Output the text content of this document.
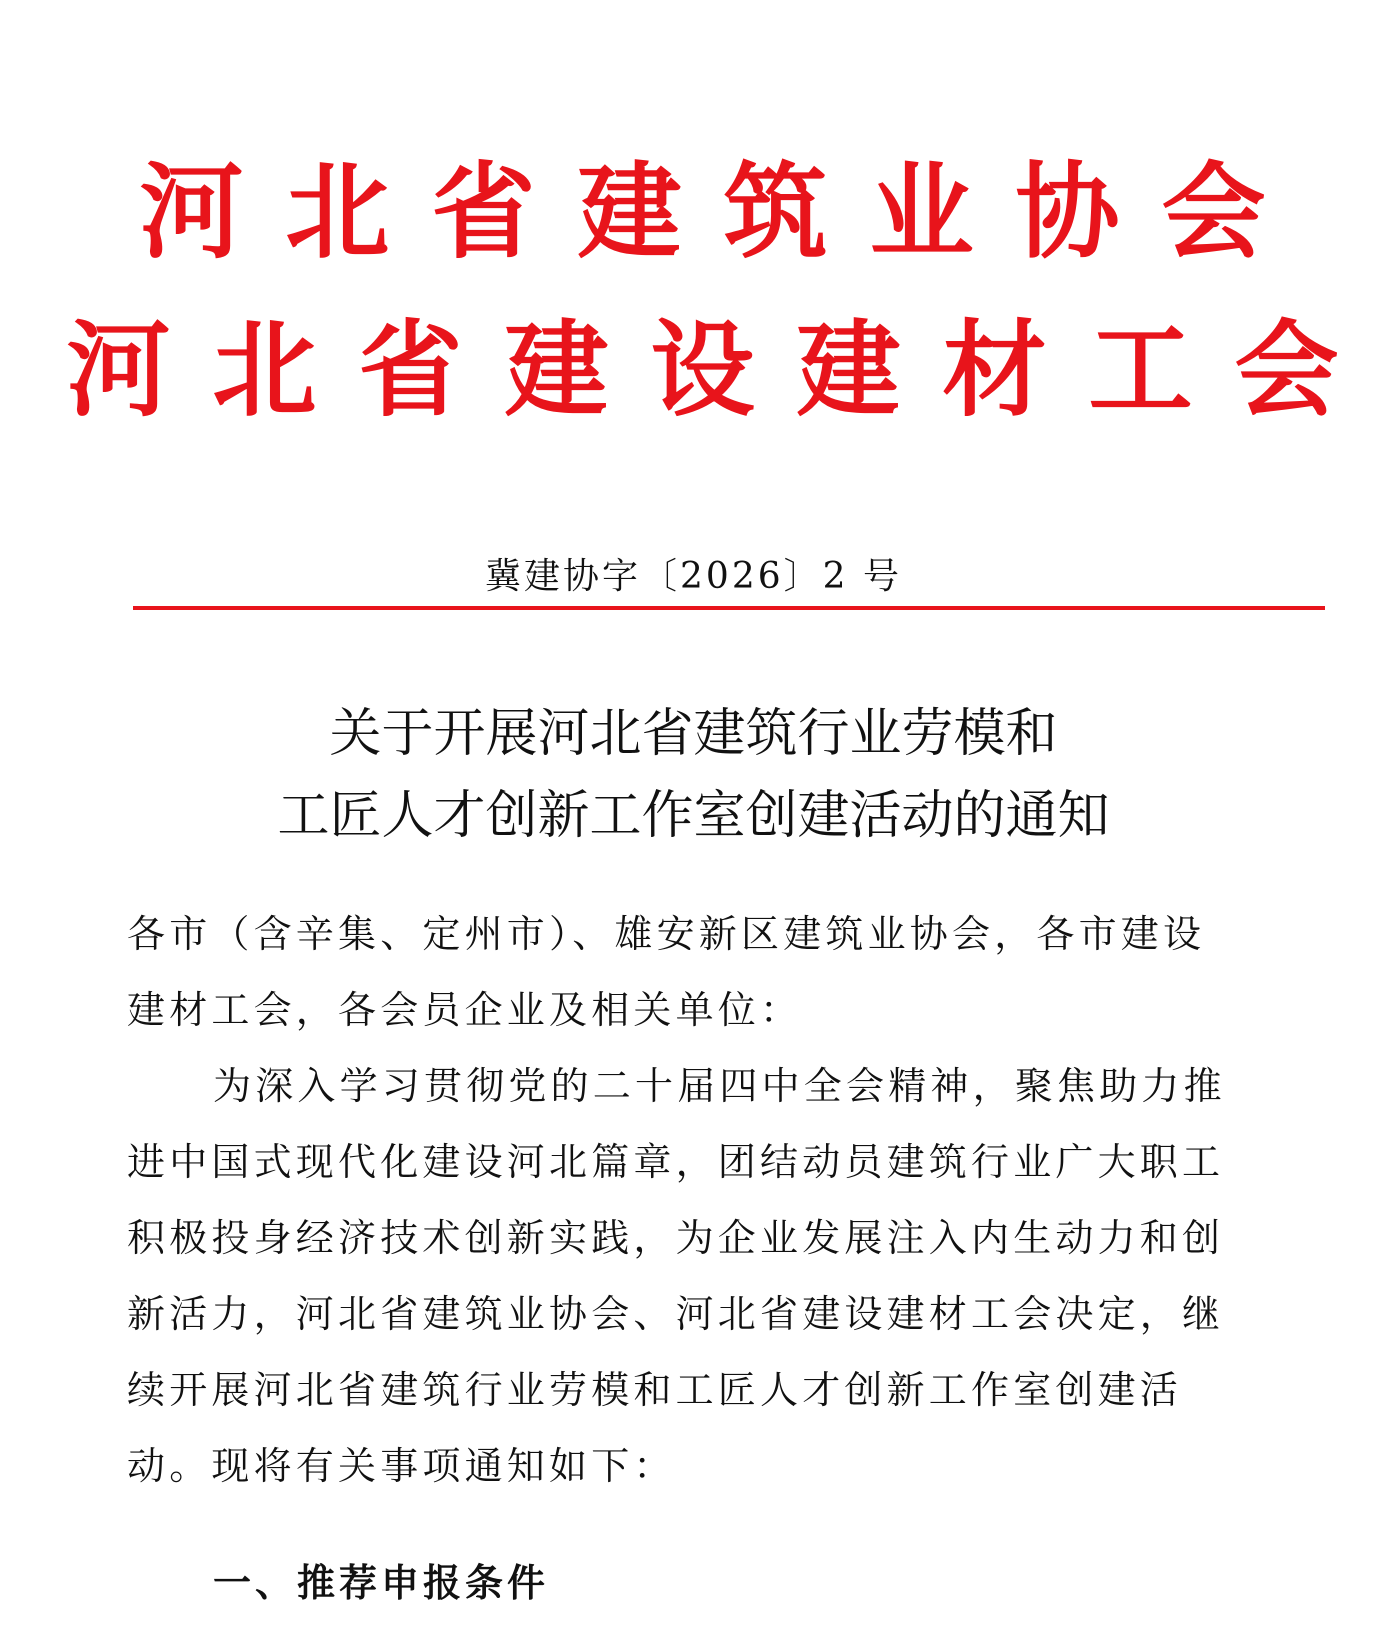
河北省建筑业协会
河北省建设建材工会
冀建协字〔2026〕2 号
关于开展河北省建筑行业劳模和
工匠人才创新工作室创建活动的通知
各市（含辛集、定州市）、雄安新区建筑业协会，各市建设
建材工会，各会员企业及相关单位：
为深入学习贯彻党的二十届四中全会精神，聚焦助力推
进中国式现代化建设河北篇章，团结动员建筑行业广大职工
积极投身经济技术创新实践，为企业发展注入内生动力和创
新活力，河北省建筑业协会、河北省建设建材工会决定，继
续开展河北省建筑行业劳模和工匠人才创新工作室创建活
动。现将有关事项通知如下：
一、推荐申报条件
